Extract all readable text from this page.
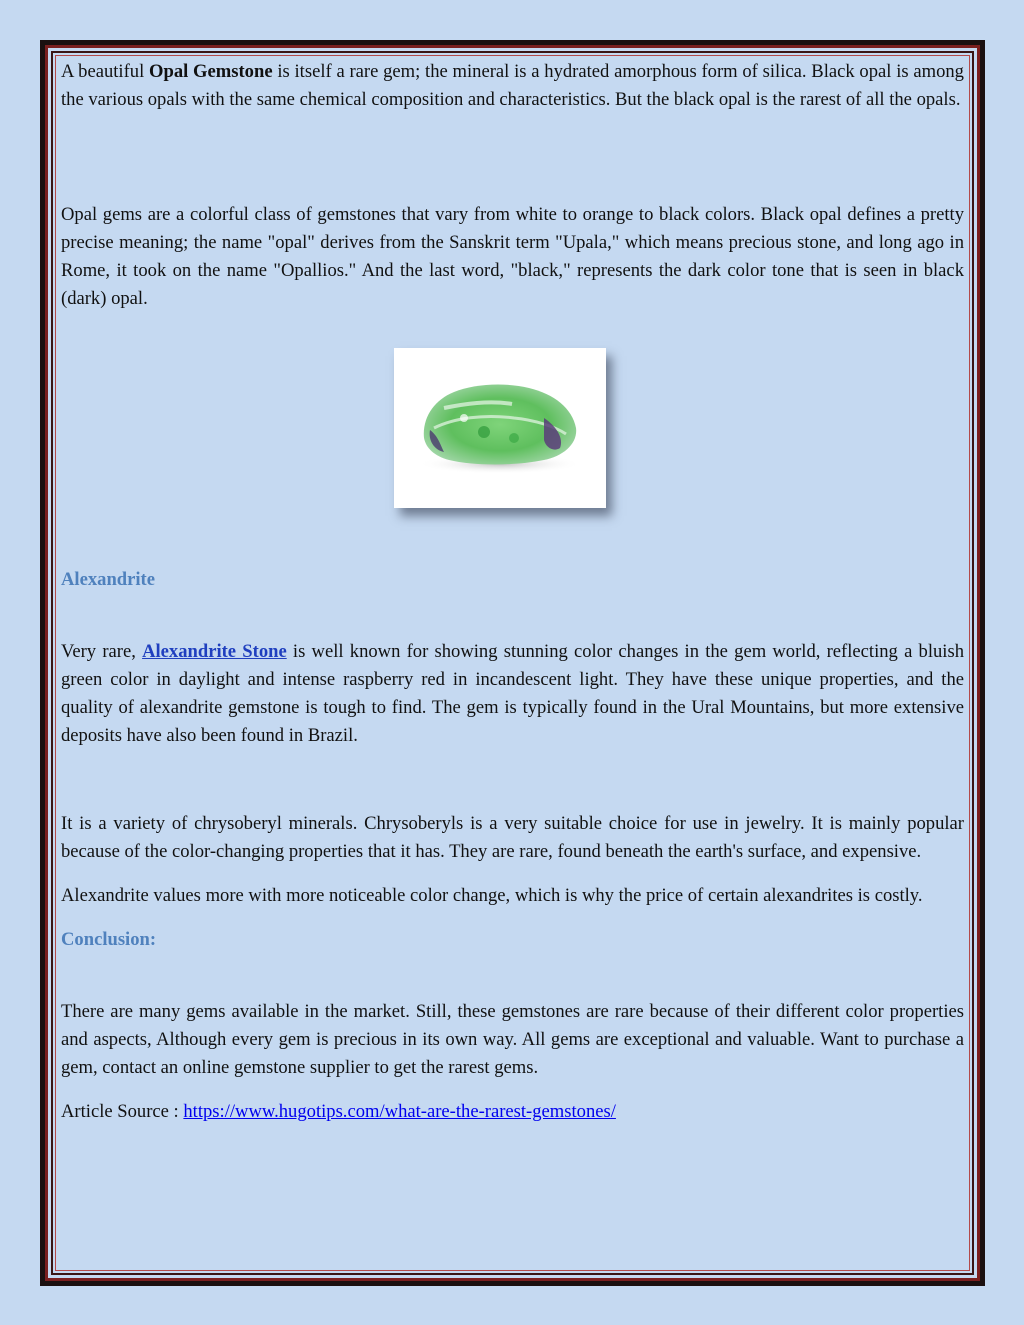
A beautiful Opal Gemstone is itself a rare gem; the mineral is a hydrated amorphous form of silica. Black opal is among the various opals with the same chemical composition and characteristics. But the black opal is the rarest of all the opals.

Opal gems are a colorful class of gemstones that vary from white to orange to black colors. Black opal defines a pretty precise meaning; the name "opal" derives from the Sanskrit term "Upala," which means precious stone, and long ago in Rome, it took on the name "Opallios." And the last word, "black," represents the dark color tone that is seen in black (dark) opal.

Alexandrite

Very rare, Alexandrite Stone is well known for showing stunning color changes in the gem world, reflecting a bluish green color in daylight and intense raspberry red in incandescent light. They have these unique properties, and the quality of alexandrite gemstone is tough to find. The gem is typically found in the Ural Mountains, but more extensive deposits have also been found in Brazil.

It is a variety of chrysoberyl minerals. Chrysoberyls is a very suitable choice for use in jewelry. It is mainly popular because of the color-changing properties that it has. They are rare, found beneath the earth's surface, and expensive.

Alexandrite values more with more noticeable color change, which is why the price of certain alexandrites is costly.

Conclusion:

There are many gems available in the market. Still, these gemstones are rare because of their different color properties and aspects, Although every gem is precious in its own way. All gems are exceptional and valuable. Want to purchase a gem, contact an online gemstone supplier to get the rarest gems.

Article Source : https://www.hugotips.com/what-are-the-rarest-gemstones/
